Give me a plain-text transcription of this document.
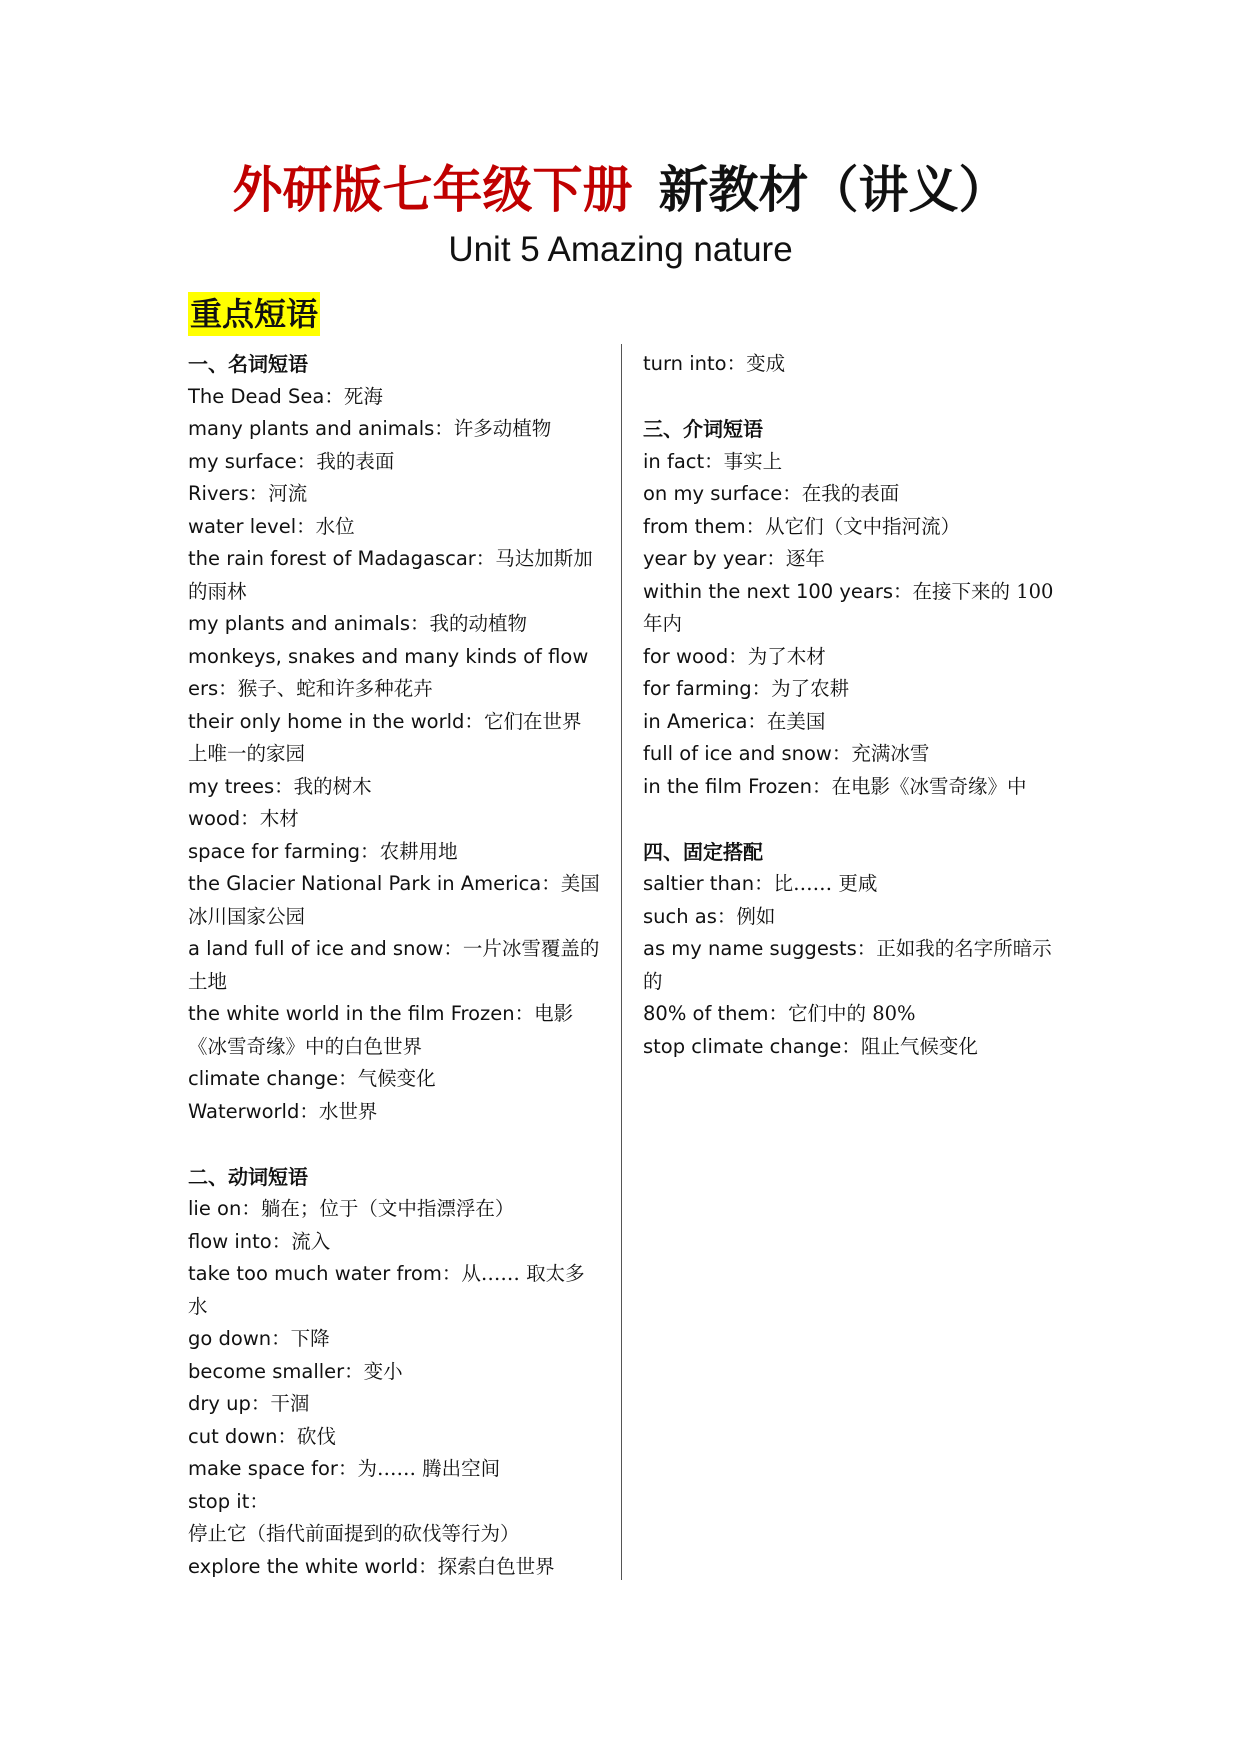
外研版七年级下册 新教材（讲义）
Unit 5 Amazing nature
重点短语
一、名词短语
The Dead Sea：死海
many plants and animals：许多动植物
my surface：我的表面
Rivers：河流
water level：水位
the rain forest of Madagascar：马达加斯加的雨林
my plants and animals：我的动植物
monkeys, snakes and many kinds of flowers：猴子、蛇和许多种花卉
their only home in the world：它们在世界上唯一的家园
my trees：我的树木
wood：木材
space for farming：农耕用地
the Glacier National Park in America：美国冰川国家公园
a land full of ice and snow：一片冰雪覆盖的土地
the white world in the film Frozen：电影《冰雪奇缘》中的白色世界
climate change：气候变化
Waterworld：水世界
二、动词短语
lie on：躺在；位于（文中指漂浮在）
flow into：流入
take too much water from：从…… 取太多水
go down：下降
become smaller：变小
dry up：干涸
cut down：砍伐
make space for：为…… 腾出空间
stop it：停止它（指代前面提到的砍伐等行为）
explore the white world：探索白色世界
turn into：变成
三、介词短语
in fact：事实上
on my surface：在我的表面
from them：从它们（文中指河流）
year by year：逐年
within the next 100 years：在接下来的 100 年内
for wood：为了木材
for farming：为了农耕
in America：在美国
full of ice and snow：充满冰雪
in the film Frozen：在电影《冰雪奇缘》中
四、固定搭配
saltier than：比…… 更咸
such as：例如
as my name suggests：正如我的名字所暗示的
80% of them：它们中的 80%
stop climate change：阻止气候变化
